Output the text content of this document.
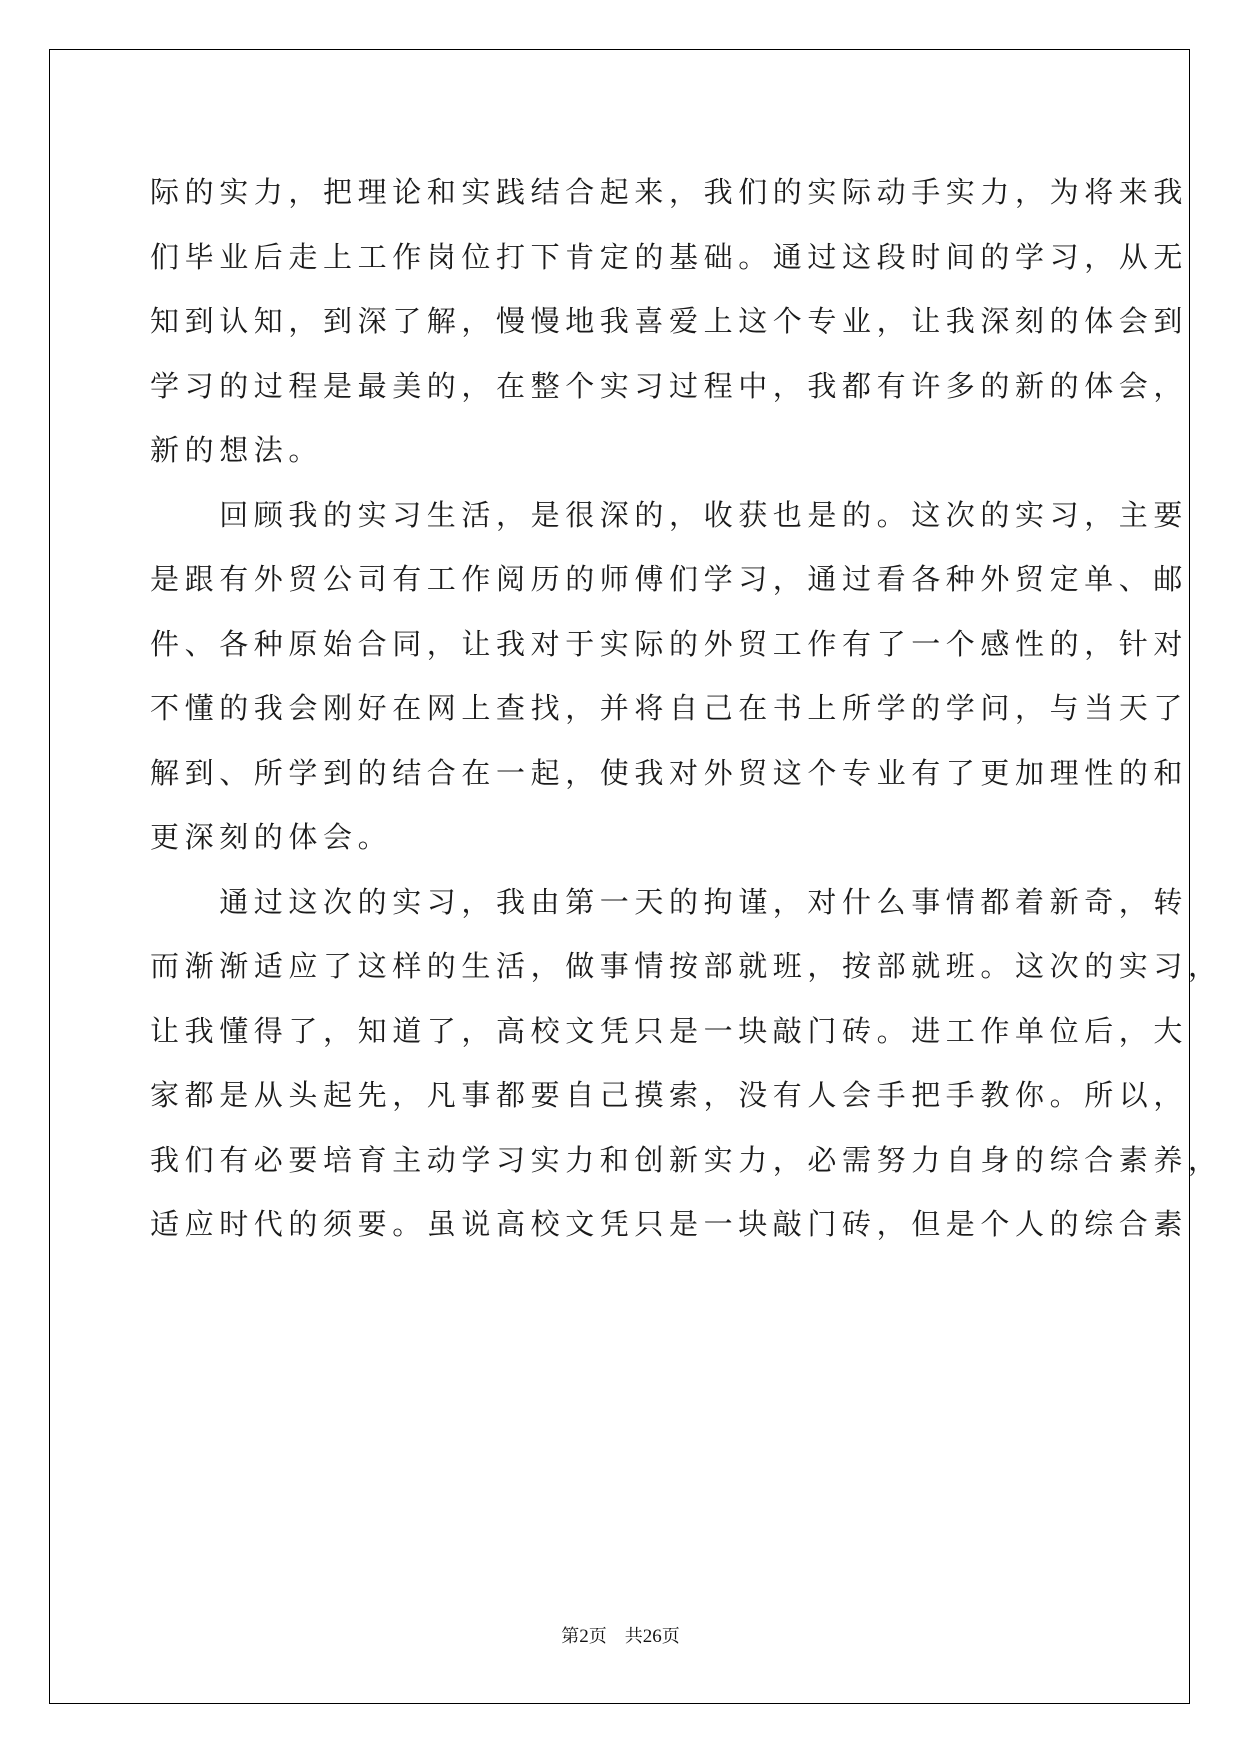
际的实力，把理论和实践结合起来，我们的实际动手实力，为将来我
们毕业后走上工作岗位打下肯定的基础。通过这段时间的学习，从无
知到认知，到深了解，慢慢地我喜爱上这个专业，让我深刻的体会到
学习的过程是最美的，在整个实习过程中，我都有许多的新的体会，
新的想法。
　　回顾我的实习生活，是很深的，收获也是的。这次的实习，主要
是跟有外贸公司有工作阅历的师傅们学习，通过看各种外贸定单、邮
件、各种原始合同，让我对于实际的外贸工作有了一个感性的，针对
不懂的我会刚好在网上查找，并将自己在书上所学的学问，与当天了
解到、所学到的结合在一起，使我对外贸这个专业有了更加理性的和
更深刻的体会。
　　通过这次的实习，我由第一天的拘谨，对什么事情都着新奇，转
而渐渐适应了这样的生活，做事情按部就班，按部就班。这次的实习，
让我懂得了，知道了，高校文凭只是一块敲门砖。进工作单位后，大
家都是从头起先，凡事都要自己摸索，没有人会手把手教你。所以，
我们有必要培育主动学习实力和创新实力，必需努力自身的综合素养，
适应时代的须要。虽说高校文凭只是一块敲门砖，但是个人的综合素
第2页　共26页
